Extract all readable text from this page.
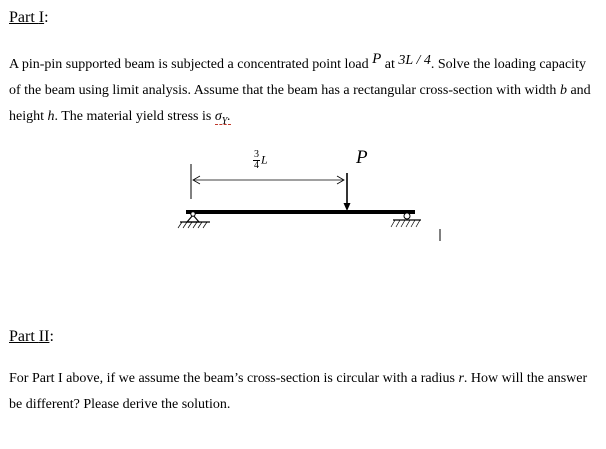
Part I:

A pin-pin supported beam is subjected a concentrated point load P at 3L / 4. Solve the loading capacity of the beam using limit analysis. Assume that the beam has a rectangular cross-section with width b and height h. The material yield stress is $\sigma_Y$.

$\frac{3}{4}$ L	P
Part II:

For Part I above, if we assume the beam’s cross-section is circular with a radius r. How will the answer be different? Please derive the solution.
